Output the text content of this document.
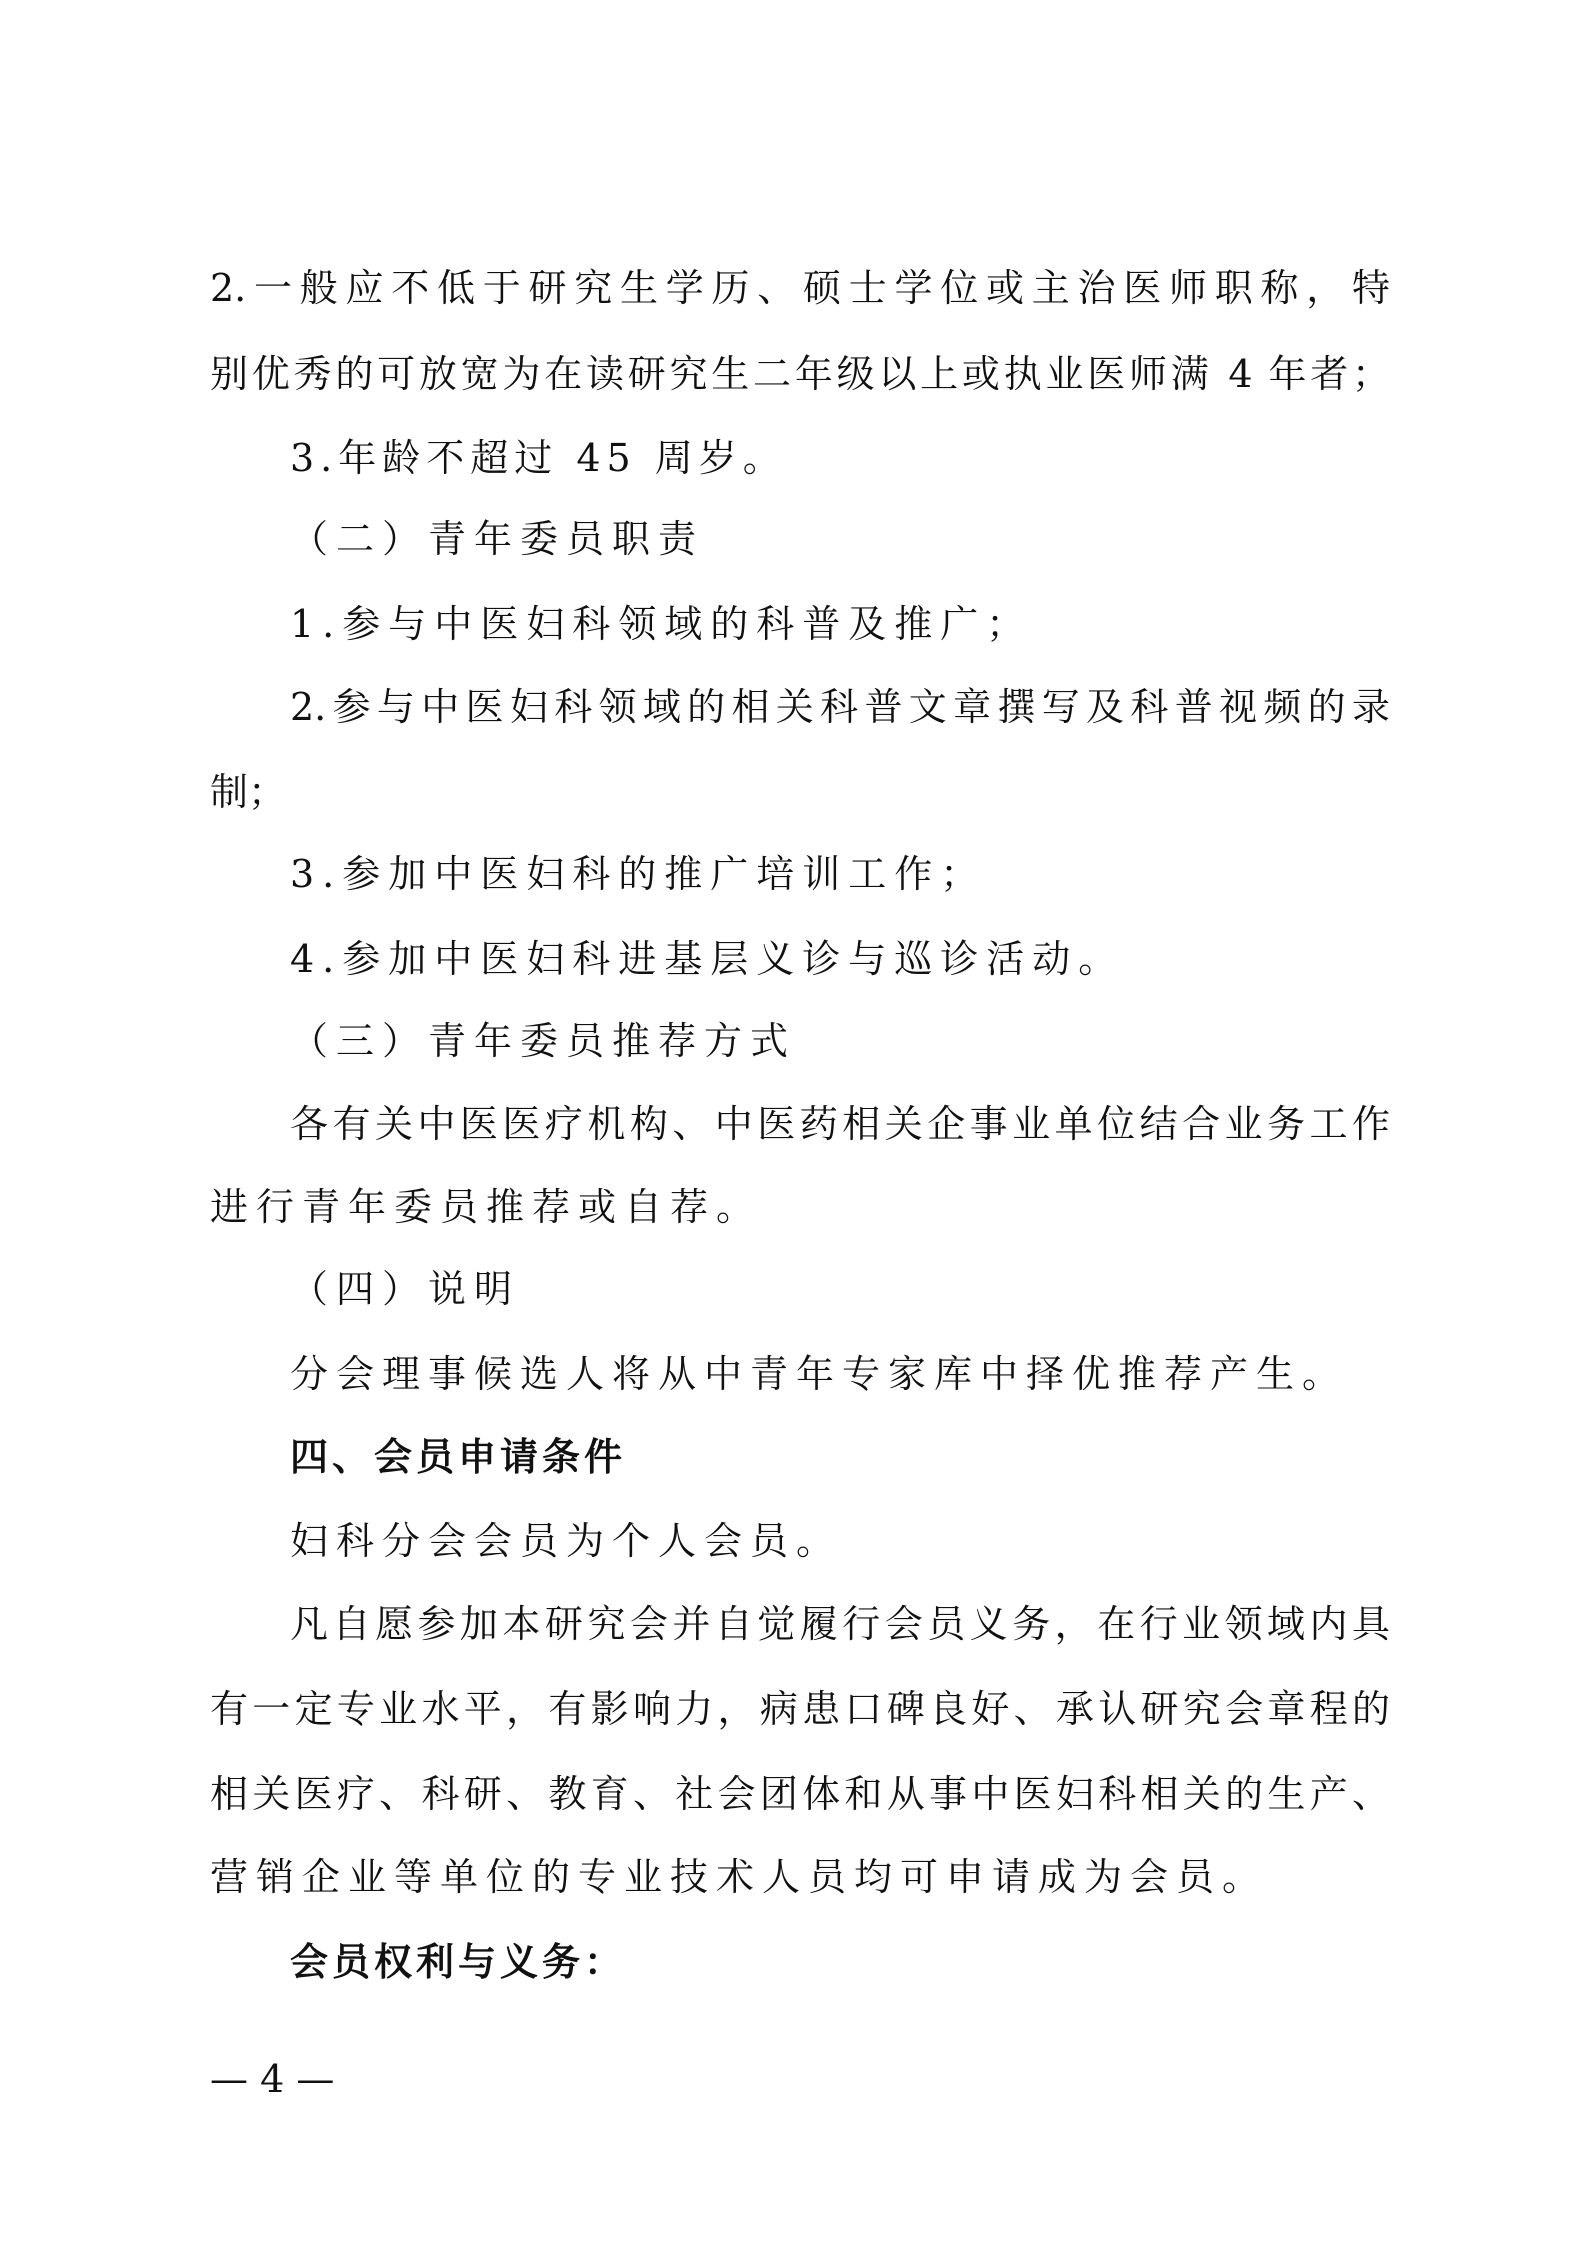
2.一般应不低于研究生学历、硕士学位或主治医师职称，特
别优秀的可放宽为在读研究生二年级以上或执业医师满 4 年者；
3.年龄不超过 45 周岁。
（二）青年委员职责
1.参与中医妇科领域的科普及推广；
2.参与中医妇科领域的相关科普文章撰写及科普视频的录
制；
3.参加中医妇科的推广培训工作；
4.参加中医妇科进基层义诊与巡诊活动。
（三）青年委员推荐方式
各有关中医医疗机构、中医药相关企事业单位结合业务工作
进行青年委员推荐或自荐。
（四）说明
分会理事候选人将从中青年专家库中择优推荐产生。
四、会员申请条件
妇科分会会员为个人会员。
凡自愿参加本研究会并自觉履行会员义务，在行业领域内具
有一定专业水平，有影响力，病患口碑良好、承认研究会章程的
相关医疗、科研、教育、社会团体和从事中医妇科相关的生产、
营销企业等单位的专业技术人员均可申请成为会员。
会员权利与义务：
— 4 —
